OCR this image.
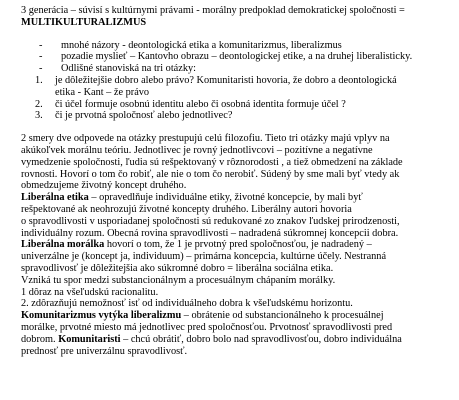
3 generácia – súvisí s kultúrnymi právami - morálny predpoklad demokratickej spoločnosti =

MULTIKULTURALIZMUS

- mnohé názory - deontologická etika a komunitarizmus, liberalizmus
- pozadie myslieť – Kantovho obrazu – deontologickej etike, a na druhej liberalisticky.
- Odlišné stanoviská na tri otázky:
1. je dôležitejšie dobro alebo právo? Komunitaristi hovoria, že dobro a deontologická
etika - Kant – že právo
2. či účel formuje osobnú identitu alebo či osobná identita formuje účel ?
3. či je prvotná spoločnosť alebo jednotlivec?

2 smery dve odpovede na otázky prestupujú celú filozofiu. Tieto tri otázky majú vplyv na

akúkoľvek morálnu teóriu. Jednotlivec je rovný jednotlivcovi – pozitívne a negatívne

vymedzenie spoločnosti, ľudia sú rešpektovaný v rôznorodosti , a tiež obmedzení na základe

rovnosti. Hovorí o tom čo robiť, ale nie o tom čo nerobiť. Súdený by sme mali byť vtedy ak

obmedzujeme životný koncept druhého.

Liberálna etika – opravedlňuje individuálne etiky, životné koncepcie, by mali byť

rešpektované ak neohrozujú životné koncepty druhého. Liberálny autori hovoria

o spravodlivosti v usporiadanej spoločnosti sú redukované zo znakov ľudskej prirodzenosti,

individuálny rozum. Obecná rovina spravodlivosti – nadradená súkromnej koncepcii dobra.

Liberálna morálka hovorí o tom, že 1 je prvotný pred spoločnosťou, je nadradený –

univerzálne je (koncept ja, individuum) – primárna koncepcia, kultúrne účely. Nestranná

spravodlivosť je dôležitejšia ako súkromné dobro = liberálna sociálna etika.

Vzniká tu spor medzi substancionálnym a procesuálnym chápaním morálky.

1 dôraz na všeľudskú racionalitu.

2. zdôrazňujú nemožnosť isť od individuálneho dobra k všeľudskému horizontu.

Komunitarizmus vytýka liberalizmu – obrátenie od substancionálneho k procesuálnej

morálke, prvotné miesto má jednotlivec pred spoločnosťou. Prvotnosť spravodlivosti pred

dobrom. Komunitaristi – chcú obrátiť, dobro bolo nad spravodlivosťou, dobro individuálna

prednosť pre univerzálnu spravodlivosť.
